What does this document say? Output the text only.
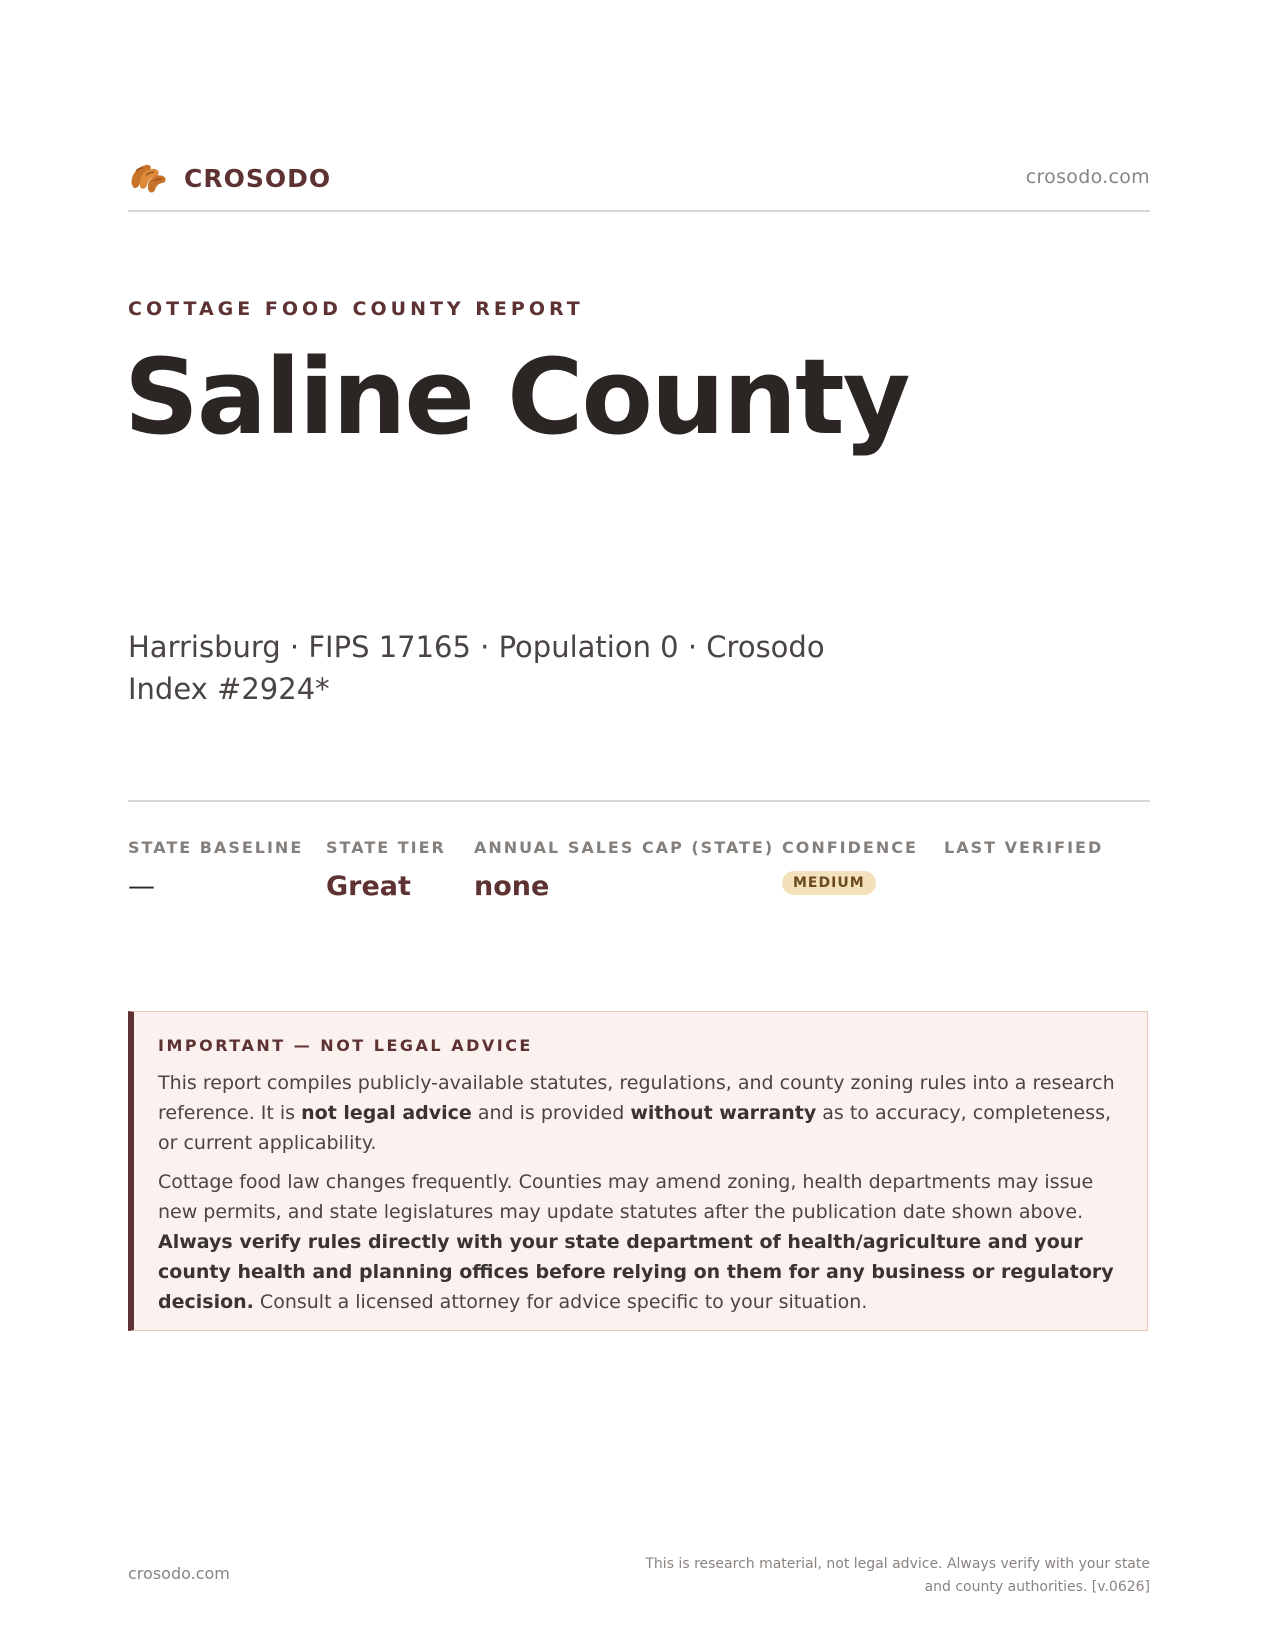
CROSODO	crosodo.com
COTTAGE FOOD COUNTY REPORT
Saline County
Harrisburg · FIPS 17165 · Population 0 · Crosodo Index #2924*
STATE BASELINE
—
STATE TIER
Great
ANNUAL SALES CAP (STATE)
none
CONFIDENCE
MEDIUM
LAST VERIFIED
IMPORTANT — NOT LEGAL ADVICE

This report compiles publicly-available statutes, regulations, and county zoning rules into a research reference. It is not legal advice and is provided without warranty as to accuracy, completeness, or current applicability.

Cottage food law changes frequently. Counties may amend zoning, health departments may issue new permits, and state legislatures may update statutes after the publication date shown above. Always verify rules directly with your state department of health/agriculture and your county health and planning offices before relying on them for any business or regulatory decision. Consult a licensed attorney for advice specific to your situation.

crosodo.com	This is research material, not legal advice. Always verify with your state and county authorities. [v.0626]
